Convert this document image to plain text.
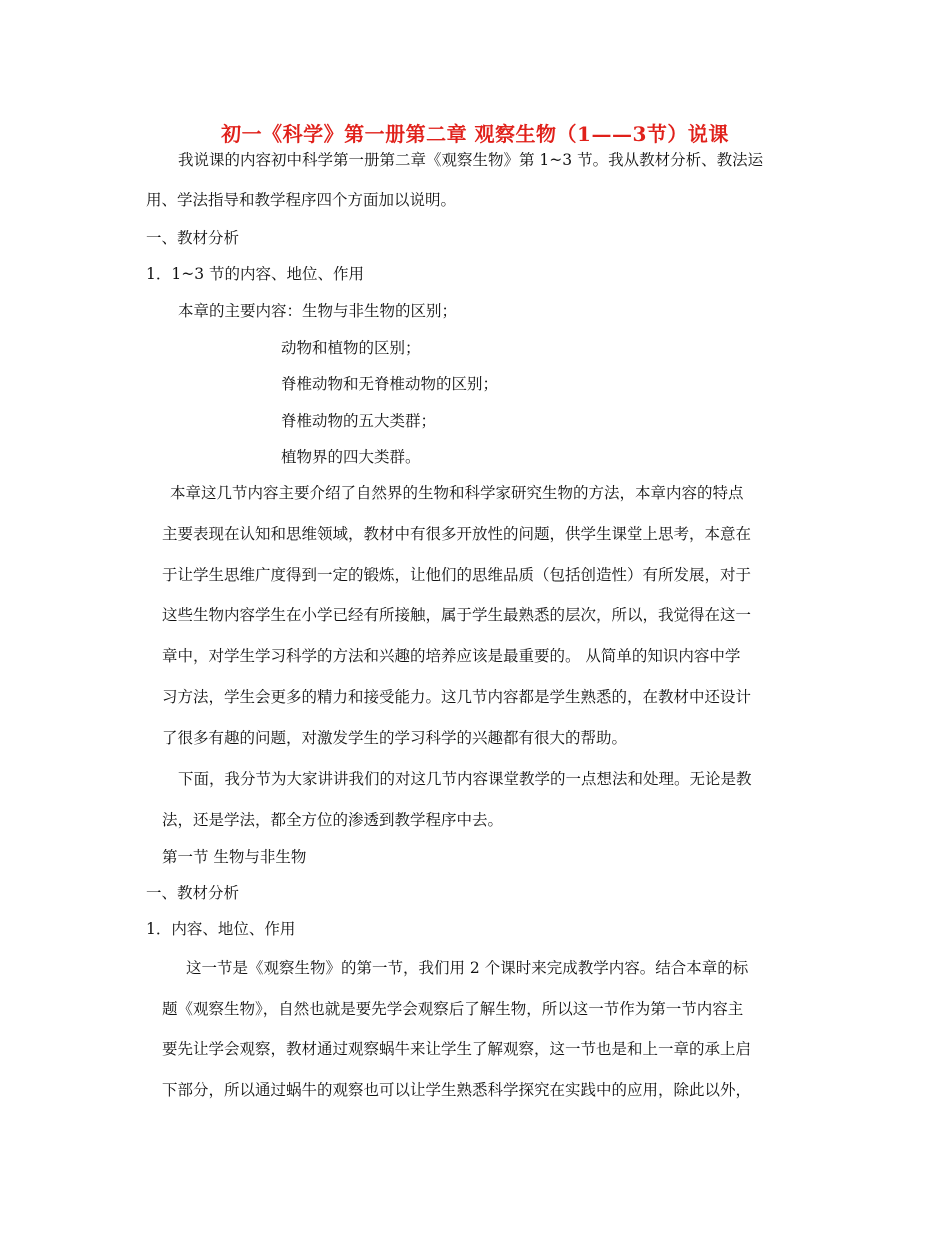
初一《科学》第一册第二章 观察生物（1——3节）说课
我说课的内容初中科学第一册第二章《观察生物》第 1~3 节。我从教材分析、教法运
用、学法指导和教学程序四个方面加以说明。
一、教材分析
1．1~3 节的内容、地位、作用
本章的主要内容：生物与非生物的区别；
动物和植物的区别；
脊椎动物和无脊椎动物的区别；
脊椎动物的五大类群；
植物界的四大类群。
本章这几节内容主要介绍了自然界的生物和科学家研究生物的方法，本章内容的特点
主要表现在认知和思维领域，教材中有很多开放性的问题，供学生课堂上思考，本意在
于让学生思维广度得到一定的锻炼，让他们的思维品质（包括创造性）有所发展，对于
这些生物内容学生在小学已经有所接触，属于学生最熟悉的层次，所以，我觉得在这一
章中，对学生学习科学的方法和兴趣的培养应该是最重要的。 从简单的知识内容中学
习方法，学生会更多的精力和接受能力。这几节内容都是学生熟悉的，在教材中还设计
了很多有趣的问题，对激发学生的学习科学的兴趣都有很大的帮助。
下面，我分节为大家讲讲我们的对这几节内容课堂教学的一点想法和处理。无论是教
法，还是学法，都全方位的渗透到教学程序中去。
第一节 生物与非生物
一、教材分析
1．内容、地位、作用
这一节是《观察生物》的第一节，我们用 2 个课时来完成教学内容。结合本章的标
题《观察生物》，自然也就是要先学会观察后了解生物，所以这一节作为第一节内容主
要先让学会观察，教材通过观察蜗牛来让学生了解观察，这一节也是和上一章的承上启
下部分，所以通过蜗牛的观察也可以让学生熟悉科学探究在实践中的应用，除此以外，
